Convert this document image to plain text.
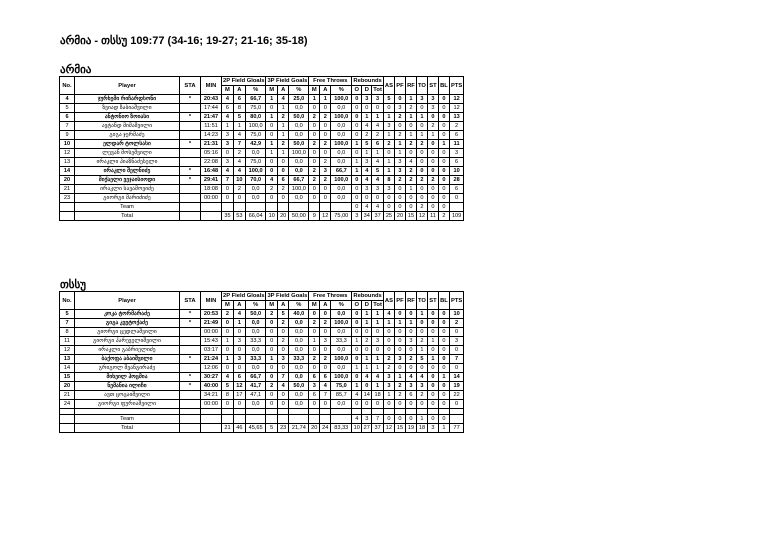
არმია - თსსუ 109:77 (34-16; 19-27; 21-16; 35-18)
არმია
No.	Player	STA	MIN	2P Field Gloals			3P Field Goals			Free Throws			Rebounds			AS	PF	RF	TO	ST	BL	PTS
				M	A	%	M	A	%	M	A	%	O	D	Tot							
4	ჯურხემი რიჩარდსონი	*	20:43	4	6	66,7	1	4	25,0	1	1	100,0	0	3	3	5	0	1	3	3	0	12
5	ზვიად ზაბიაშვილი		17:44	6	8	75,0	0	1	0,0	0	0	0,0	0	0	0	0	3	2	0	3	0	12
6	ანტონიო ზოიასი	*	21:47	4	5	80,0	1	2	50,0	2	2	100,0	0	1	1	1	2	1	1	0	0	13
7	ავტანდ მიმაშვილი		11:51	1	1	100,0	0	1	0,0	0	0	0,0	0	4	4	3	0	0	0	2	0	2
9	გიგა ჯერმაძე		14:23	3	4	75,0	0	1	0,0	0	0	0,0	0	2	2	1	2	1	1	1	0	6
10	ელდარ ტოლსასი	*	21:31	3	7	42,9	1	2	50,0	2	2	100,0	1	5	6	2	1	2	2	0	1	11
12	ლევან მოსეშვილი		05:16	0	2	0,0	1	1	100,0	0	0	0,0	0	1	1	0	1	0	0	0	0	3
13	ირაკლი პიაზნაძესელი		22:08	3	4	75,0	0	0	0,0	0	2	0,0	1	3	4	1	3	4	0	0	0	6
14	ირაკლი შელნიძე	*	16:48	4	4	100,0	0	0	0,0	2	3	66,7	1	4	5	1	3	2	0	0	0	10
20	მიქაელი ვეჯაისიოდი	*	29:41	7	10	70,0	4	6	66,7	2	2	100,0	0	4	4	8	2	2	2	2	0	28
21	ირაკლი სავამოვიძე		18:08	0	2	0,0	2	2	100,0	0	0	0,0	0	3	3	3	0	1	0	0	0	6
23	გიორგი მარიძიძე		00:00	0	0	0,0	0	0	0,0	0	0	0,0	0	0	0	0	0	0	0	0	0	0
	Team												0	4	4	0	0	0	2	0	0	
	Total			35	53	66,04	10	20	50,00	9	12	75,00	3	34	37	25	20	15	12	11	2	109
თსსუ
No.	Player	STA	MIN	2P Field Gloals			3P Field Goals			Free Throws			Rebounds			AS	PF	RF	TO	ST	BL	PTS
				M	A	%	M	A	%	M	A	%	O	D	Tot							
5	კოკა ტორმარაძე	*	20:53	2	4	50,0	2	5	40,0	0	0	0,0	0	1	1	4	0	0	1	0	0	10
7	გიგა კვეტოქაძე	*	21:49	0	1	0,0	0	2	0,0	2	2	100,0	0	1	1	1	1	1	0	0	0	2
8	გიორგი ცედლაშვილი		00:00	0	0	0,0	0	0	0,0	0	0	0,0	0	0	0	0	0	0	0	0	0	0
11	გიორგი პარეველიშვილი		15:43	1	3	33,3	0	2	0,0	1	3	33,3	1	2	3	0	0	3	2	1	0	3
12	ირაკლი გაბრიელიძე		03:17	0	0	0,0	0	0	0,0	0	0	0,0	0	0	0	0	0	0	1	0	0	0
13	ბაქოფა აბაიშვილი	*	21:24	1	3	33,3	1	3	33,3	2	2	100,0	0	1	1	2	3	2	5	1	0	7
14	გრიგოლ შვანგირაძე		12:06	0	0	0,0	0	0	0,0	0	0	0,0	1	1	1	2	0	0	0	0	0	0
15	მიხეილ ჰოცმია	*	30:27	4	6	66,7	0	7	0,0	6	6	100,0	0	4	4	3	1	4	4	0	1	14
20	ნემანია ილიჩი	*	40:00	5	12	41,7	2	4	50,0	3	4	75,0	1	0	1	3	2	3	3	0	0	19
21	ავთ ცოცაიშვილი		34:21	8	17	47,1	0	0	0,0	6	7	85,7	4	14	18	1	2	6	2	0	0	22
24	გიორგი ფურიაშვილი		00:00	0	0	0,0	0	0	0,0	0	0	0,0	0	0	0	0	0	0	0	0	0	0

	Team												4	3	7	0	0	0	1	0	0	
	Total			21	46	45,65	5	23	21,74	20	24	83,33	10	27	37	12	15	19	18	3	1	77
